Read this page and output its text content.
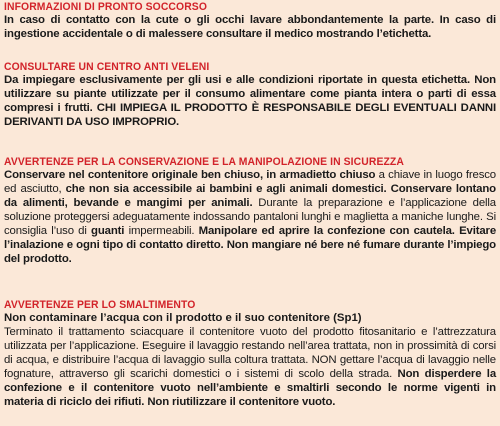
INFORMAZIONI DI PRONTO SOCCORSO
In caso di contatto con la cute o gli occhi lavare abbondantemente la parte. In caso di ingestione accidentale o di malessere consultare il medico mostrando l’etichetta.
CONSULTARE UN CENTRO ANTI VELENI
Da impiegare esclusivamente per gli usi e alle condizioni riportate in questa etichetta. Non utilizzare su piante utilizzate per il consumo alimentare come pianta intera o parti di essa compresi i frutti. CHI IMPIEGA IL PRODOTTO È RESPONSABILE DEGLI EVENTUALI DANNI DERIVANTI DA USO IMPROPRIO.
AVVERTENZE PER LA CONSERVAZIONE E LA MANIPOLAZIONE IN SICUREZZA
Conservare nel contenitore originale ben chiuso, in armadietto chiuso a chiave in luogo fresco ed asciutto, che non sia accessibile ai bambini e agli animali domestici. Conservare lontano da alimenti, bevande e mangimi per animali. Durante la preparazione e l’applicazione della soluzione proteggersi adeguatamente indossando pantaloni lunghi e maglietta a maniche lunghe. Si consiglia l’uso di guanti impermeabili. Manipolare ed aprire la confezione con cautela. Evitare l’inalazione e ogni tipo di contatto diretto. Non mangiare né bere né fumare durante l’impiego del prodotto.
AVVERTENZE PER LO SMALTIMENTO
Non contaminare l’acqua con il prodotto e il suo contenitore (Sp1)
Terminato il trattamento sciacquare il contenitore vuoto del prodotto fitosanitario e l’attrezzatura utilizzata per l’applicazione. Eseguire il lavaggio restando nell’area trattata, non in prossimità di corsi di acqua, e distribuire l’acqua di lavaggio sulla coltura trattata. NON gettare l’acqua di lavaggio nelle fognature, attraverso gli scarichi domestici o i sistemi di scolo della strada. Non disperdere la confezione e il contenitore vuoto nell’ambiente e smaltirli secondo le norme vigenti in materia di riciclo dei rifiuti. Non riutilizzare il contenitore vuoto.
